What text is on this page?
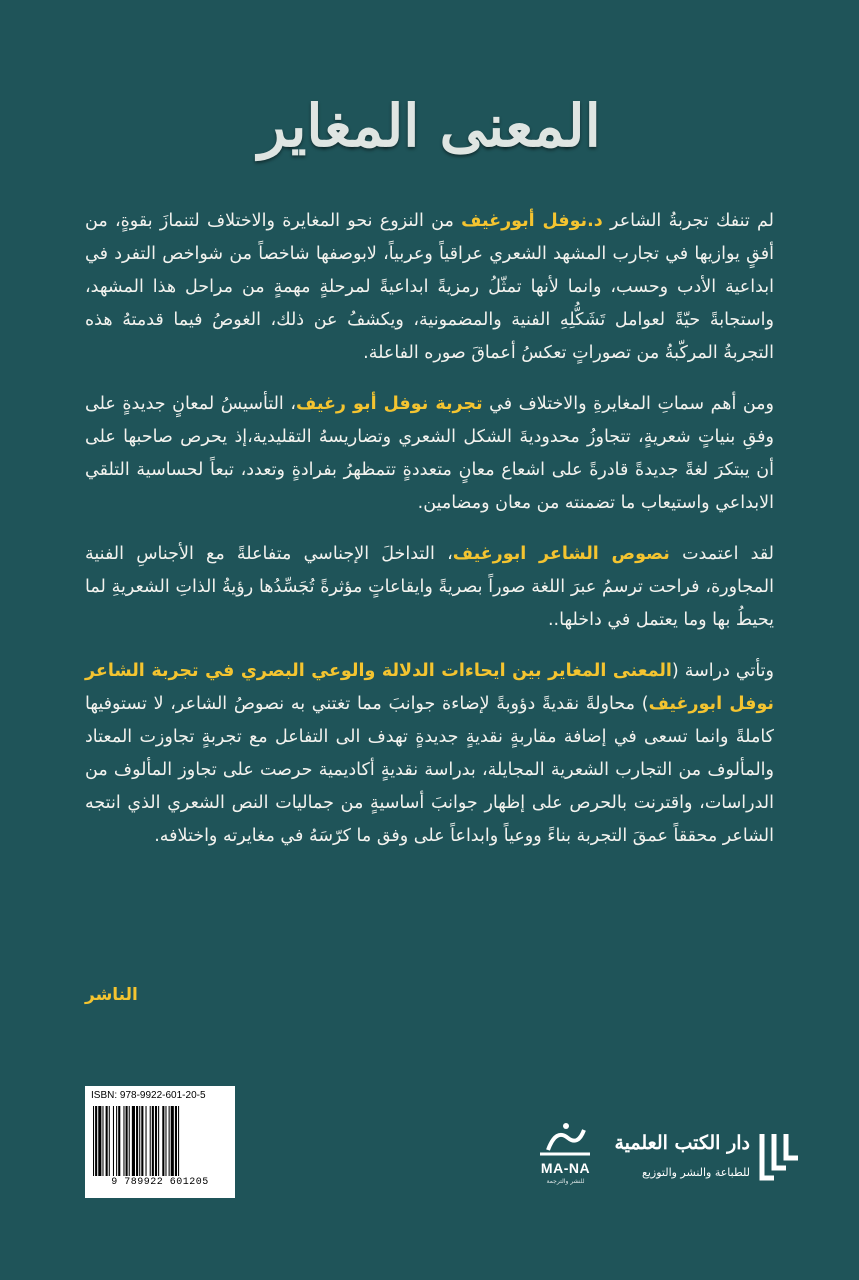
المعنى المغاير

لم تنفك تجربةُ الشاعر د.نوفل أبورغيف من النزوع نحو المغايرة والاختلاف لتنمازَ بقوةٍ، من أفقٍ يوازيها في تجارب المشهد الشعري عراقياً وعربياً، لابوصفها شاخصاً من شواخص التفرد في ابداعية الأدب وحسب، وانما لأنها تمثّلُ رمزيةً ابداعيةً لمرحلةٍ مهمةٍ من مراحل هذا المشهد، واستجابةً حيّةً لعوامل تَشَكُّلِهِ الفنية والمضمونية، ويكشفُ عن ذلك، الغوصُ فيما قدمتهُ هذه التجربةُ المركّبةُ من تصوراتٍ تعكسُ أعماقَ صوره الفاعلة.

ومن أهم سماتِ المغايرةِ والاختلاف في تجربة نوفل أبو رغيف، التأسيسُ لمعانٍ جديدةٍ على وفقِ بنياتٍ شعريةٍ، تتجاوزُ محدوديةَ الشكل الشعري وتضاريسهُ التقليدية،إذ يحرص صاحبها على أن يبتكرَ لغةً جديدةً قادرةً على اشعاع معانٍ متعددةٍ تتمظهرُ بفرادةٍ وتعدد، تبعاً لحساسية التلقي الابداعي واستيعاب ما تضمنته من معان ومضامين.

لقد اعتمدت نصوص الشاعر ابورغيف، التداخلَ الإجناسي متفاعلةً مع الأجناسِ الفنية المجاورة، فراحت ترسمُ عبرَ اللغة صوراً بصريةً وايقاعاتٍ مؤثرةً تُجَسِّدُها رؤيةُ الذاتِ الشعريةِ لما يحيطُ بها وما يعتمل في داخلها..

وتأتي دراسة (المعنى المغاير بين ايحاءات الدلالة والوعي البصري في تجربة الشاعر نوفل ابورغيف) محاولةً نقديةً دؤوبةً لإضاءة جوانبَ مما تغتني به نصوصُ الشاعر، لا تستوفيها كاملةً وانما تسعى في إضافة مقاربةٍ نقديةٍ جديدةٍ تهدف الى التفاعل مع تجربةٍ تجاوزت المعتاد والمألوف من التجارب الشعرية المجايلة، بدراسة نقديةٍ أكاديمية حرصت على تجاوز المألوف من الدراسات، واقترنت بالحرص على إظهار جوانبَ أساسيةٍ من جماليات النص الشعري الذي انتجه الشاعر محققاً عمقَ التجربة بناءً ووعياً وابداعاً على وفق ما كرّسَهُ في مغايرته واختلافه.

الناشر
ISBN: 978-9922-601-20-5
9 789922 601205
MA-NA
للنشر والترجمة
دار الكتب العلمية
للطباعة والنشر والتوزيع
